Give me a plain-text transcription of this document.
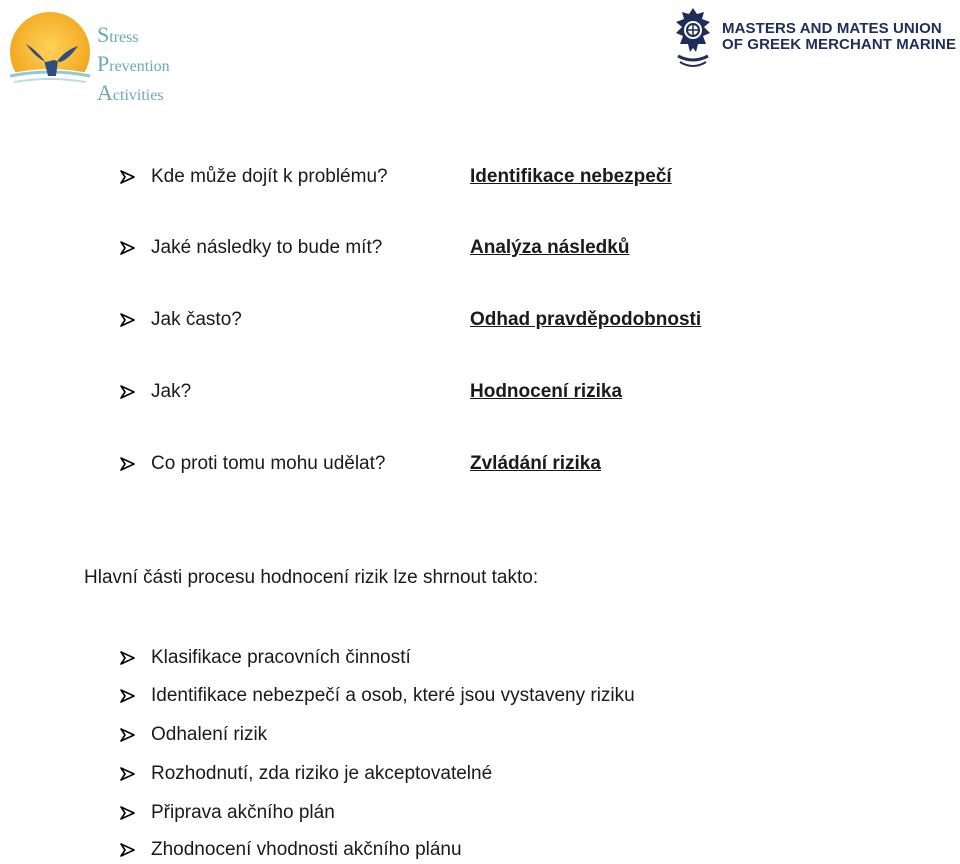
Stress
Prevention
Activities
MASTERS AND MATES UNION
OF GREEK MERCHANT MARINE
Kde může dojít k problému?	Identifikace nebezpečí
Jaké následky to bude mít?	Analýza následků
Jak často?	Odhad pravděpodobnosti
Jak?	Hodnocení rizika
Co proti tomu mohu udělat?	Zvládání rizika
Hlavní části procesu hodnocení rizik lze shrnout takto:
Klasifikace pracovních činností
Identifikace nebezpečí a osob, které jsou vystaveny riziku
Odhalení rizik
Rozhodnutí, zda riziko je akceptovatelné
Připrava akčního plán
Zhodnocení vhodnosti akčního plánu
